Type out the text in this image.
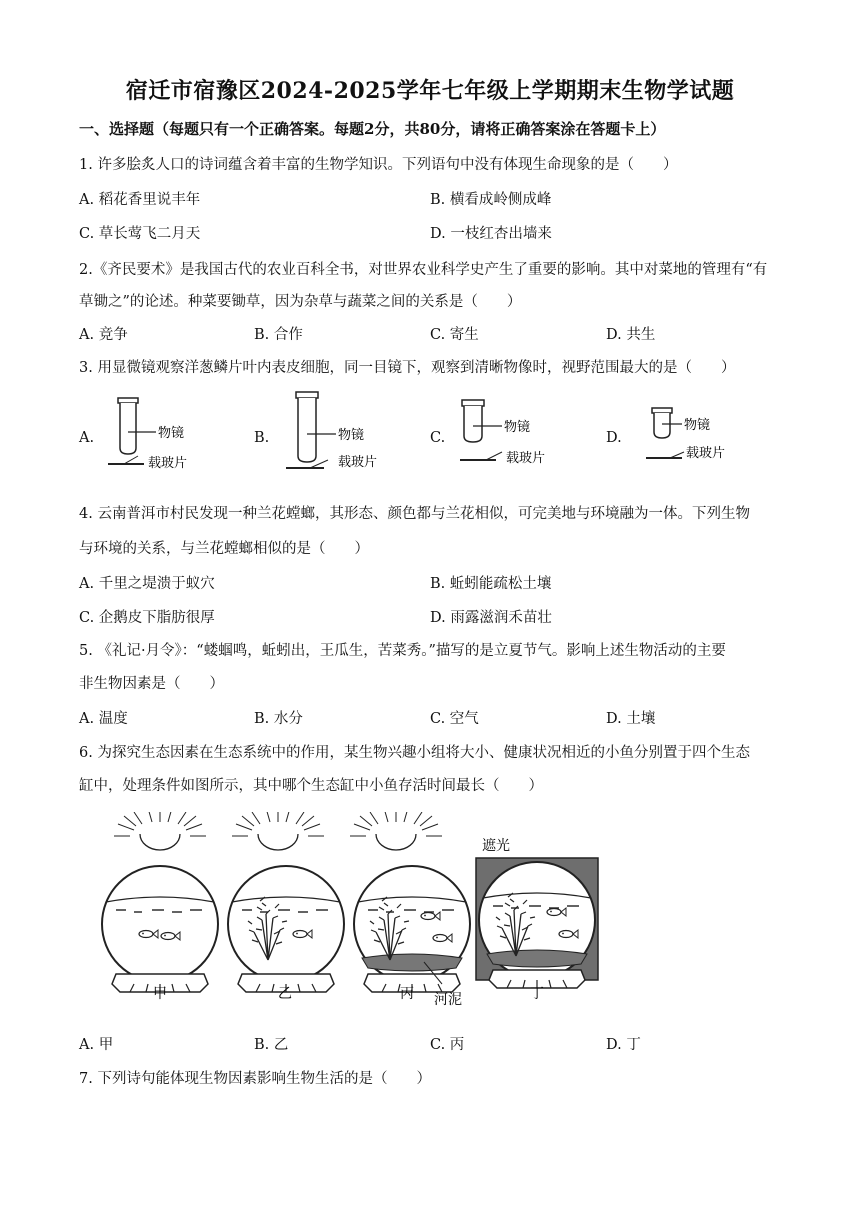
宿迁市宿豫区2024-2025学年七年级上学期期末生物学试题
一、选择题（每题只有一个正确答案。每题2分，共80分，请将正确答案涂在答题卡上）
1. 许多脍炙人口的诗词蕴含着丰富的生物学知识。下列语句中没有体现生命现象的是（　　）
A. 稻花香里说丰年	B. 横看成岭侧成峰
C. 草长莺飞二月天	D. 一枝红杏出墙来
2.《齐民要术》是我国古代的农业百科全书，对世界农业科学史产生了重要的影响。其中对菜地的管理有“有
草锄之”的论述。种菜要锄草，因为杂草与蔬菜之间的关系是（　　）
A. 竞争	B. 合作	C. 寄生	D. 共生
3. 用显微镜观察洋葱鳞片叶内表皮细胞，同一目镜下，观察到清晰物像时，视野范围最大的是（　　）
A.	物镜
载玻片
B.	物镜
载玻片
C.
物镜
载玻片
D.
物镜
载玻片
4. 云南普洱市村民发现一种兰花螳螂，其形态、颜色都与兰花相似，可完美地与环境融为一体。下列生物
与环境的关系，与兰花螳螂相似的是（　　）
A. 千里之堤溃于蚁穴	B. 蚯蚓能疏松土壤
C. 企鹅皮下脂肪很厚	D. 雨露滋润禾苗壮
5. 《礼记·月令》：“蝼蝈鸣，蚯蚓出，王瓜生，苦菜秀。”描写的是立夏节气。影响上述生物活动的主要
非生物因素是（　　）
A. 温度	B. 水分	C. 空气	D. 土壤
6. 为探究生态因素在生态系统中的作用，某生物兴趣小组将大小、健康状况相近的小鱼分别置于四个生态
缸中，处理条件如图所示，其中哪个生态缸中小鱼存活时间最长（　　）
甲	乙	丙 河泥
遮光
丁
A. 甲	B. 乙	C. 丙	D. 丁
7. 下列诗句能体现生物因素影响生物生活的是（　　）
